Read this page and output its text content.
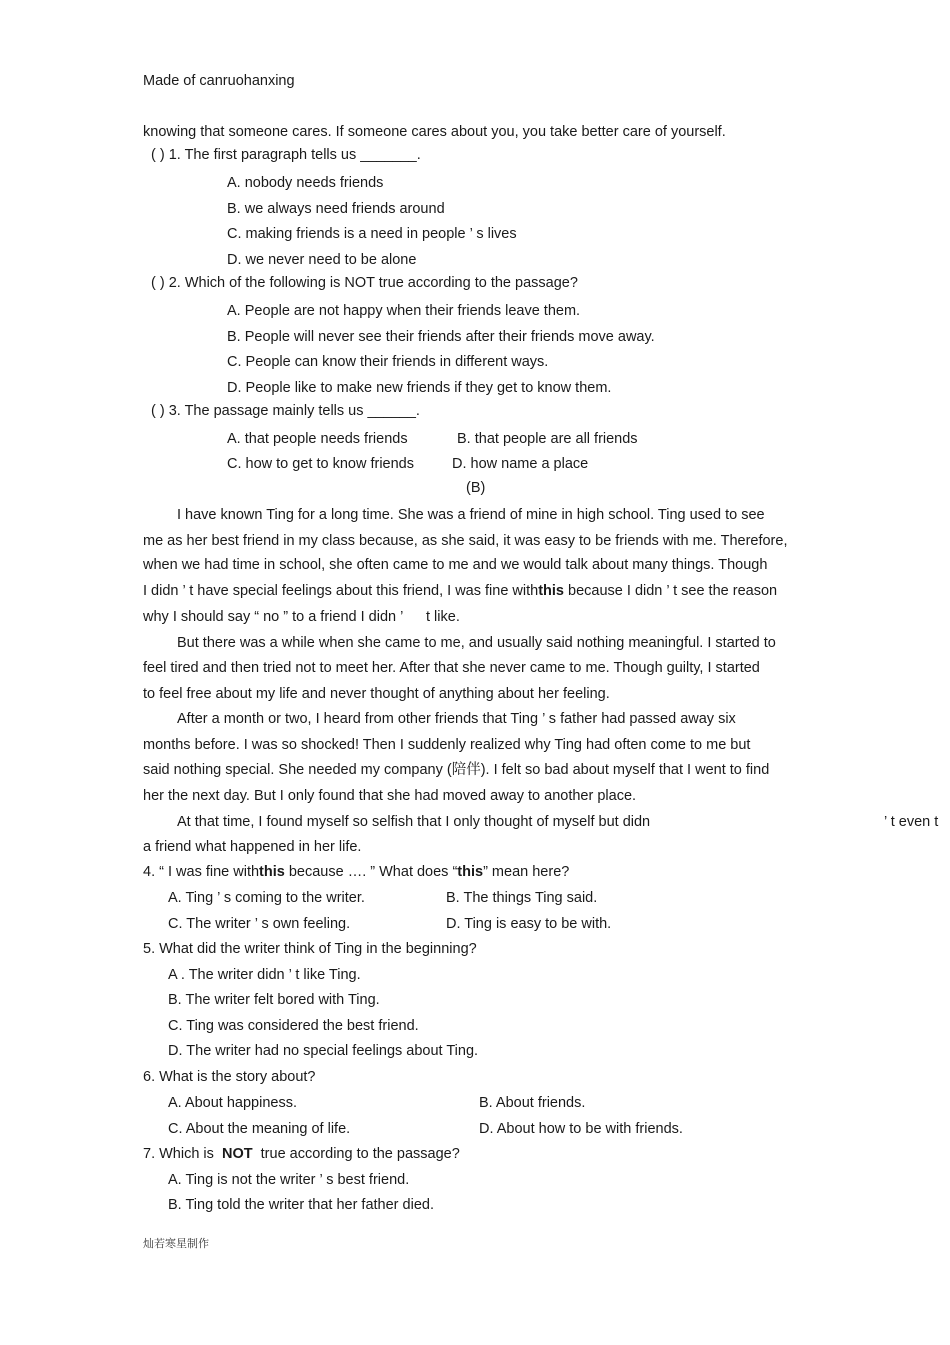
Made of canruohanxing
knowing that someone cares. If someone cares about you, you take better care of yourself.
( ) 1. The first paragraph tells us _______.
A. nobody needs friends
B. we always need friends around
C. making friends is a need in people ’ s lives
D. we never need to be alone
( ) 2. Which of the following is NOT true according to the passage?
A. People are not happy when their friends leave them.
B. People will never see their friends after their friends move away.
C. People can know their friends in different ways.
D. People like to make new friends if they get to know them.
( ) 3. The passage mainly tells us ______.
A. that people needs friends	B. that people are all friends
C. how to get to know friends	D. how name a place
(B)
I have known Ting for a long time. She was a friend of mine in high school. Ting used to see
me as her best friend in my class because, as she said, it was easy to be friends with me. Therefore,
when we had time in school, she often came to me and we would talk about many things. Though
I didn ’ t have special feelings about this friend, I was fine withthis because I didn ’ t see the reason
why I should say “ no ” to a friend I didn ’ t like.
But there was a while when she came to me, and usually said nothing meaningful. I started to
feel tired and then tried not to meet her. After that she never came to me. Though guilty, I started
to feel free about my life and never thought of anything about her feeling.
After a month or two, I heard from other friends that Ting ’ s father had passed away six
months before. I was so shocked! Then I suddenly realized why Ting had often come to me but
said nothing special. She needed my company (陪伴). I felt so bad about myself that I went to find
her the next day. But I only found that she had moved away to another place.
At that time, I found myself so selfish that I only thought of myself but didn	’ t even t
a friend what happened in her life.
4. “ I was fine withthis because …. ” What does “this” mean here?
A. Ting ’ s coming to the writer.	B. The things Ting said.
C. The writer ’ s own feeling.	D. Ting is easy to be with.
5. What did the writer think of Ting in the beginning?
A . The writer didn ’ t like Ting.
B. The writer felt bored with Ting.
C. Ting was considered the best friend.
D. The writer had no special feelings about Ting.
6. What is the story about?
A. About happiness.	B. About friends.
C. About the meaning of life.	D. About how to be with friends.
7. Which is NOT true according to the passage?
A. Ting is not the writer ’ s best friend.
B. Ting told the writer that her father died.
灿若寒星制作
